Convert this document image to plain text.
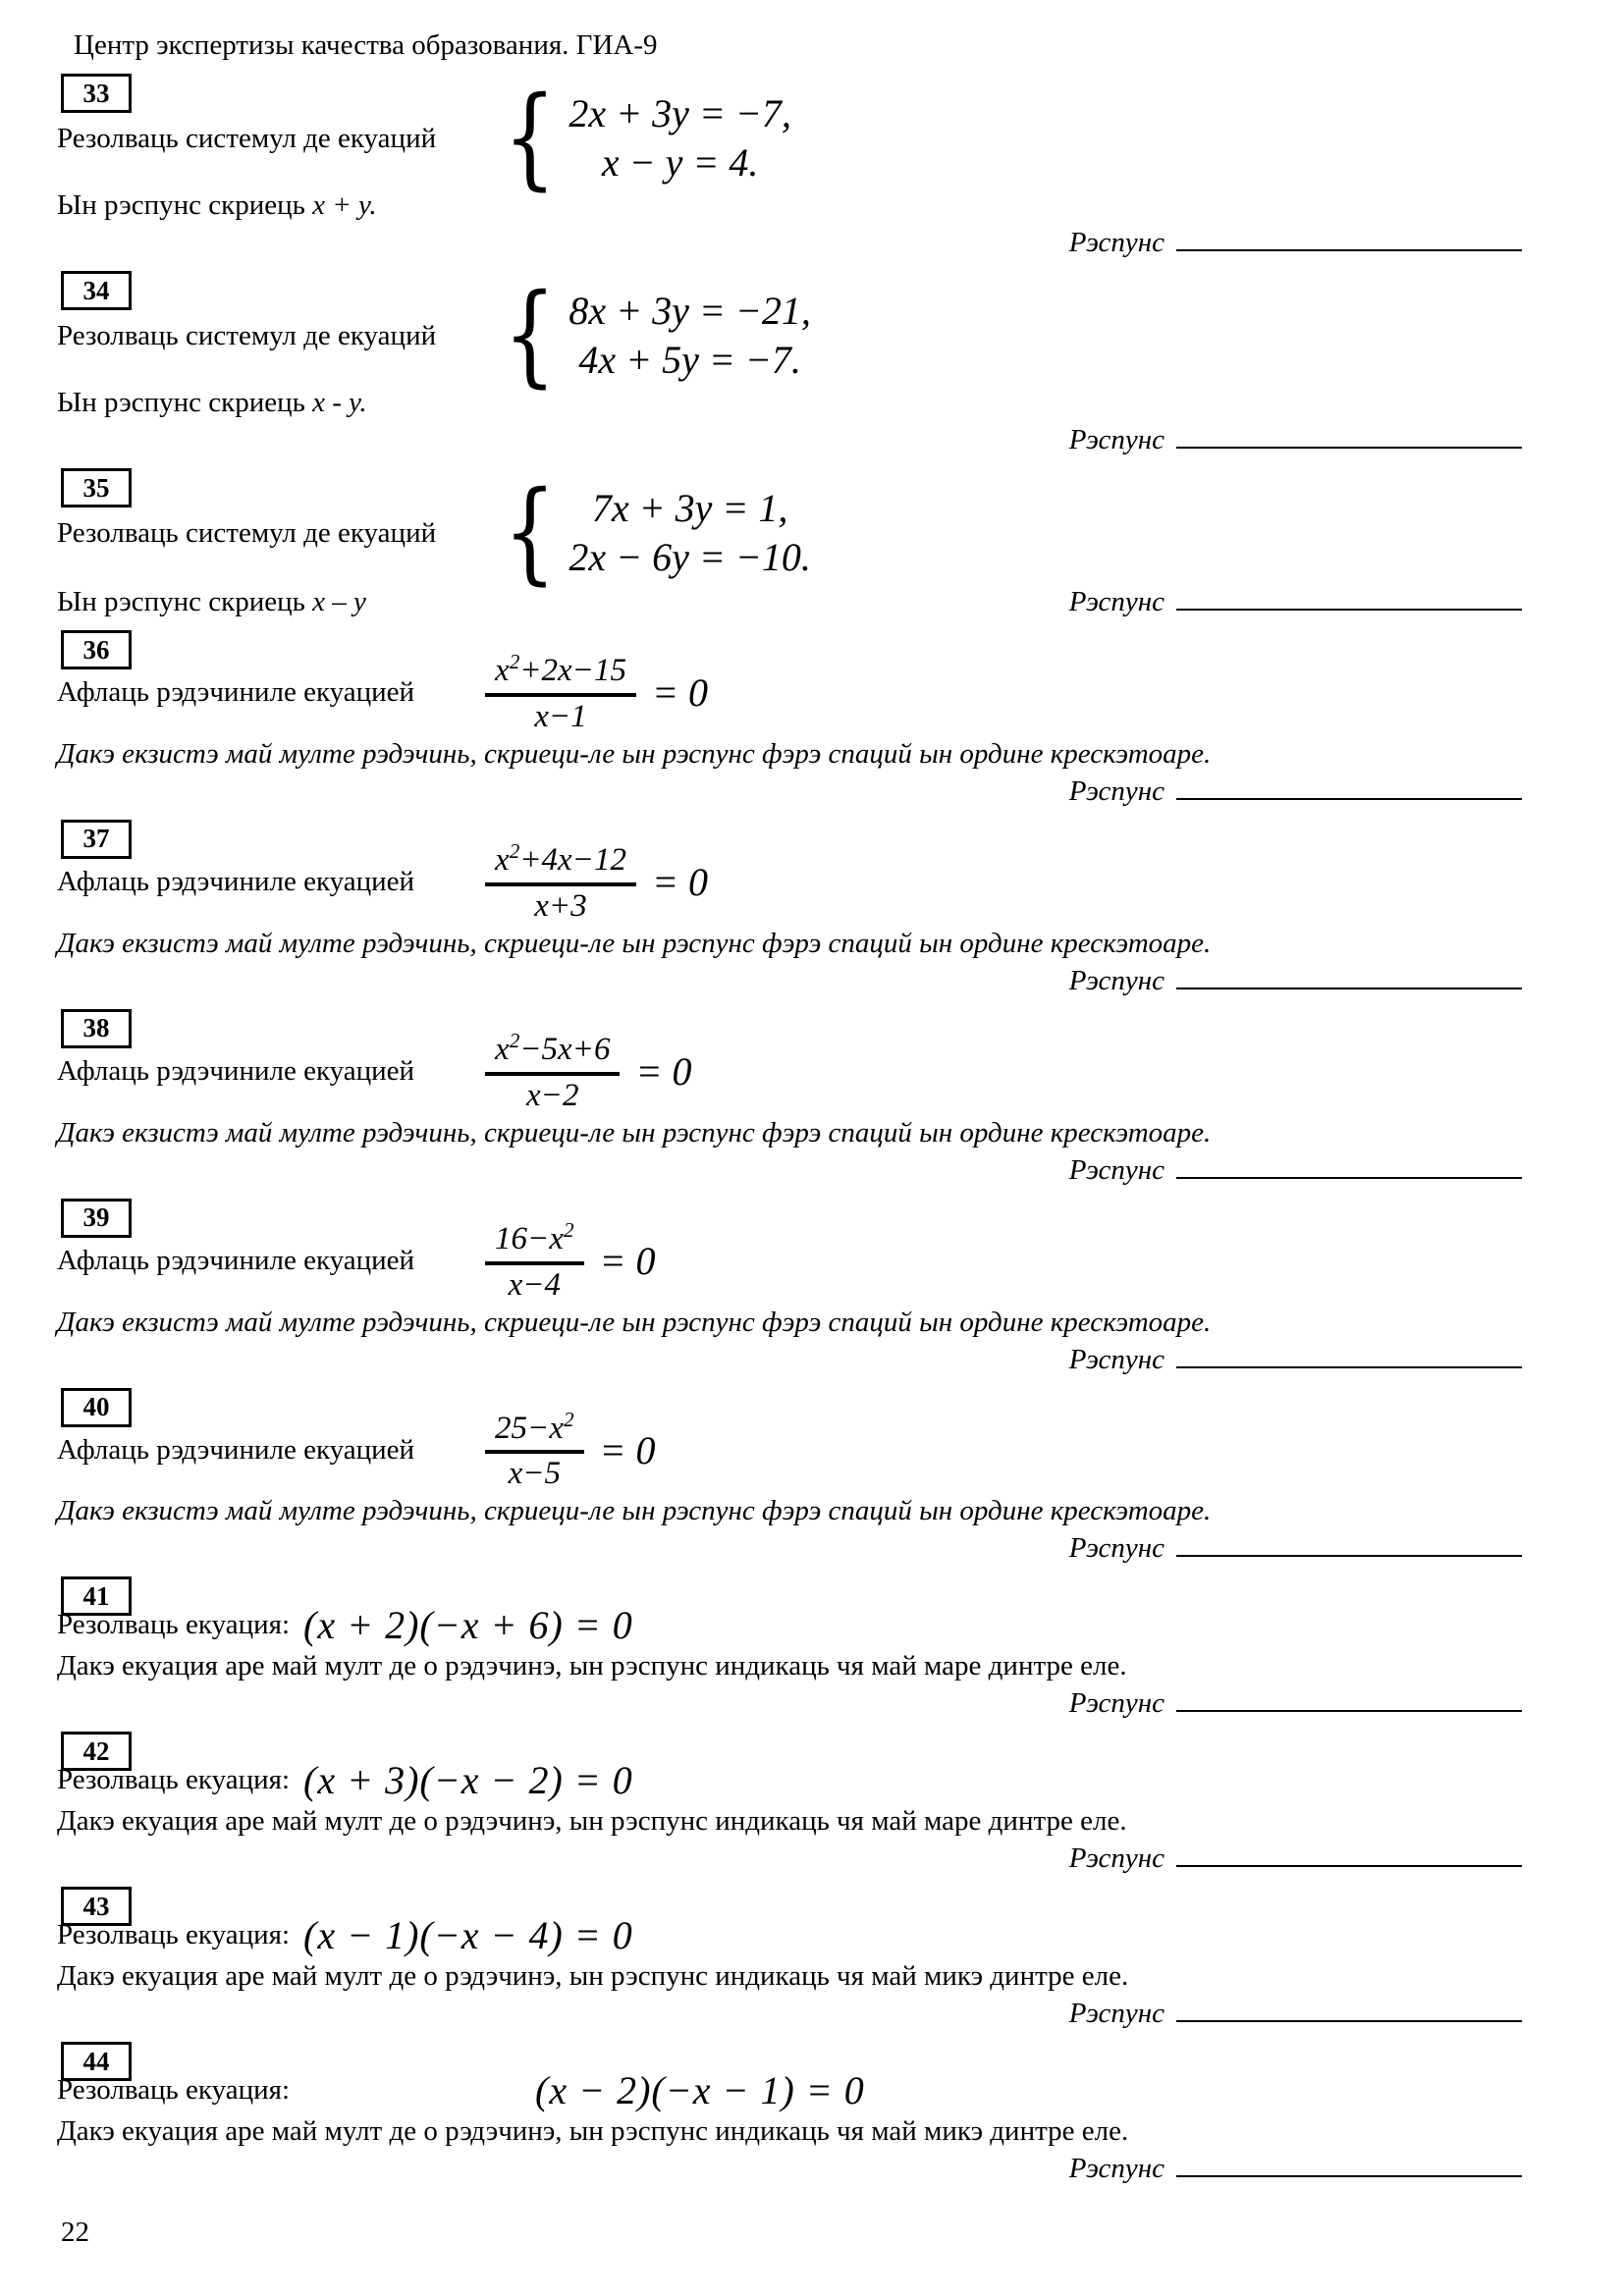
Центр экспертизы качества образования. ГИА-9
33
Резолваць системул де екуаций { 2x + 3y = −7,
x − y = 4.
Ын рэспунс скриець x + y.
Рэспунс
34
Резолваць системул де екуаций { 8x + 3y = −21,
4x + 5y = −7.
Ын рэспунс скриець x - y.
Рэспунс
35
Резолваць системул де екуаций { 7x + 3y = 1,
2x − 6y = −10.
Ын рэспунс скриець x – y	Рэспунс
36
Афлаць рэдэчиниле екуацией $\frac{x^2+2x-15}{x-1} = 0$
Дакэ екзистэ май мулте рэдэчинь, скриеци-ле ын рэспунс фэрэ спаций ын ордине крескэтоаре.
Рэспунс
37
Афлаць рэдэчиниле екуацией $\frac{x^2+4x-12}{x+3} = 0$
Дакэ екзистэ май мулте рэдэчинь, скриеци-ле ын рэспунс фэрэ спаций ын ордине крескэтоаре.
Рэспунс
38
Афлаць рэдэчиниле екуацией $\frac{x^2-5x+6}{x-2} = 0$
Дакэ екзистэ май мулте рэдэчинь, скриеци-ле ын рэспунс фэрэ спаций ын ордине крескэтоаре.
Рэспунс
39
Афлаць рэдэчиниле екуацией $\frac{16-x^2}{x-4} = 0$
Дакэ екзистэ май мулте рэдэчинь, скриеци-ле ын рэспунс фэрэ спаций ын ордине крескэтоаре.
Рэспунс
40
Афлаць рэдэчиниле екуацией $\frac{25-x^2}{x-5} = 0$
Дакэ екзистэ май мулте рэдэчинь, скриеци-ле ын рэспунс фэрэ спаций ын ордине крескэтоаре.
Рэспунс
41
Резолваць екуация: (x + 2)(−x + 6) = 0
Дакэ екуация аре май мулт де о рэдэчинэ, ын рэспунс индикаць чя май маре динтре еле.
Рэспунс
42
Резолваць екуация: (x + 3)(−x − 2) = 0
Дакэ екуация аре май мулт де о рэдэчинэ, ын рэспунс индикаць чя май маре динтре еле.
Рэспунс
43
Резолваць екуация: (x − 1)(−x − 4) = 0
Дакэ екуация аре май мулт де о рэдэчинэ, ын рэспунс индикаць чя май микэ динтре еле.
Рэспунс
44
Резолваць екуация:	(x − 2)(−x − 1) = 0
Дакэ екуация аре май мулт де о рэдэчинэ, ын рэспунс индикаць чя май микэ динтре еле.
Рэспунс
22
